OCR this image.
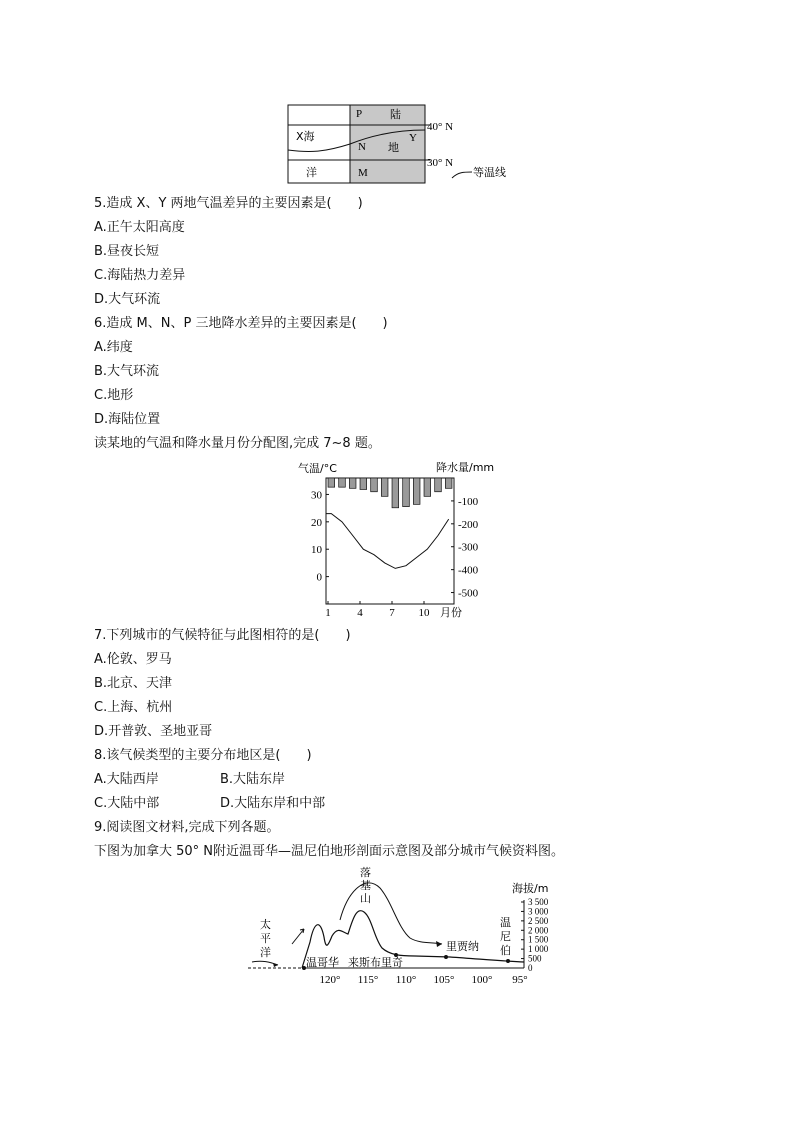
P	陆
X海	Y
N 地
洋	M
40° N
30° N
等温线
5.造成 X、Y 两地气温差异的主要因素是(　　)
A.正午太阳高度
B.昼夜长短
C.海陆热力差异
D.大气环流
6.造成 M、N、P 三地降水差异的主要因素是(　　)
A.纬度
B.大气环流
C.地形
D.海陆位置
读某地的气温和降水量月份分配图,完成 7~8 题。
气温/°C	降水量/mm
30
20
10
0
-100
-200
-300
-400
-500
1 4 7 10 月份
7.下列城市的气候特征与此图相符的是(　　)
A.伦敦、罗马
B.北京、天津
C.上海、杭州
D.开普敦、圣地亚哥
8.该气候类型的主要分布地区是(　　)
A.大陆西岸	B.大陆东岸
C.大陆中部	D.大陆东岸和中部
9.阅读图文材料,完成下列各题。
下图为加拿大 50° N附近温哥华—温尼伯地形剖面示意图及部分城市气候资料图。
太
平
洋
落
基
山
温
尼
伯
温哥华 来斯布里奇
里贾纳
海拔/m
3 500
3 000
2 500
2 000
1 500
1 000
500
0
120° 115° 110° 105° 100° 95°
